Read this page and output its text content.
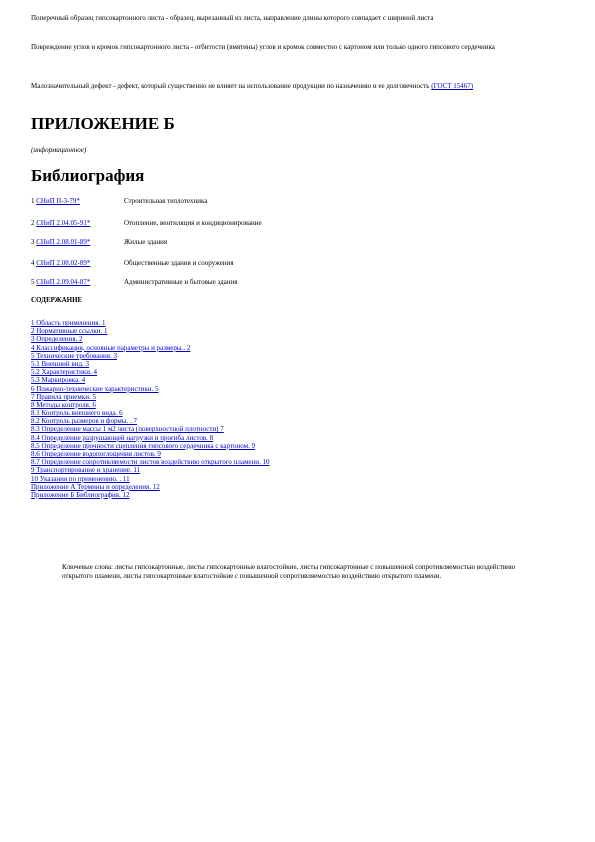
Поперечный образец гипсокартонного листа - образец, вырезанный из листа, направление длины которого совпадает с шириной листа
Повреждение углов и кромок гипсокартонного листа - отбитости (вмятины) углов и кромок совместно с картоном или только одного гипсового сердечника
Малозначительный дефект - дефект, который существенно не влияет на использование продукции по назначению и ее долговечность (ГОСТ 15467)
ПРИЛОЖЕНИЕ Б
(информационное)
Библиография
1 СНиП II-3-79*	Строительная теплотехника
2 СНиП 2.04.05-91*	Отопление, вентиляция и кондиционирование
3 СНиП 2.08.01-89*	Жилые здания
4 СНиП 2.08.02-89*	Общественные здания и сооружения
5 СНиП 2.09.04-87*	Административные и бытовые здания
СОДЕРЖАНИЕ
1 Область применения. 1
2 Нормативные ссылки. 1
3 Определения. 2
4 Классификация, основные параметры и размеры.. 2
5 Технические требования. 3
5.1 Внешний вид. 3
5.2 Характеристики. 4
5.3 Маркировка. 4
6 Пожарно-технические характеристики. 5
7 Правила приемки. 5
8 Методы контроля. 6
8.1 Контроль внешнего вида. 6
8.2 Контроль размеров и формы. . 7
8.3 Определение массы 1 м2 листа (поверхностной плотности) 7
8.4 Определение разрушающей нагрузки и прогиба листов. 8
8.5 Определение прочности сцепления гипсового сердечника с картоном. 9
8.6 Определение водопоглощения листов. 9
8.7 Определение сопротивляемости листов воздействию открытого пламени. 10
9 Транспортирование и хранение. 11
10 Указания по применению. . 11
Приложение А Термины и определения. 12
Приложение Б Библиография. 12
Ключевые слова: листы гипсокартонные, листы гипсокартонные влагостойкие, листы гипсокартонные с повышенной сопротивляемостью воздействию открытого пламени, листы гипсокартонные влагостойкие с повышенной сопротивляемостью воздействию открытого пламени.
